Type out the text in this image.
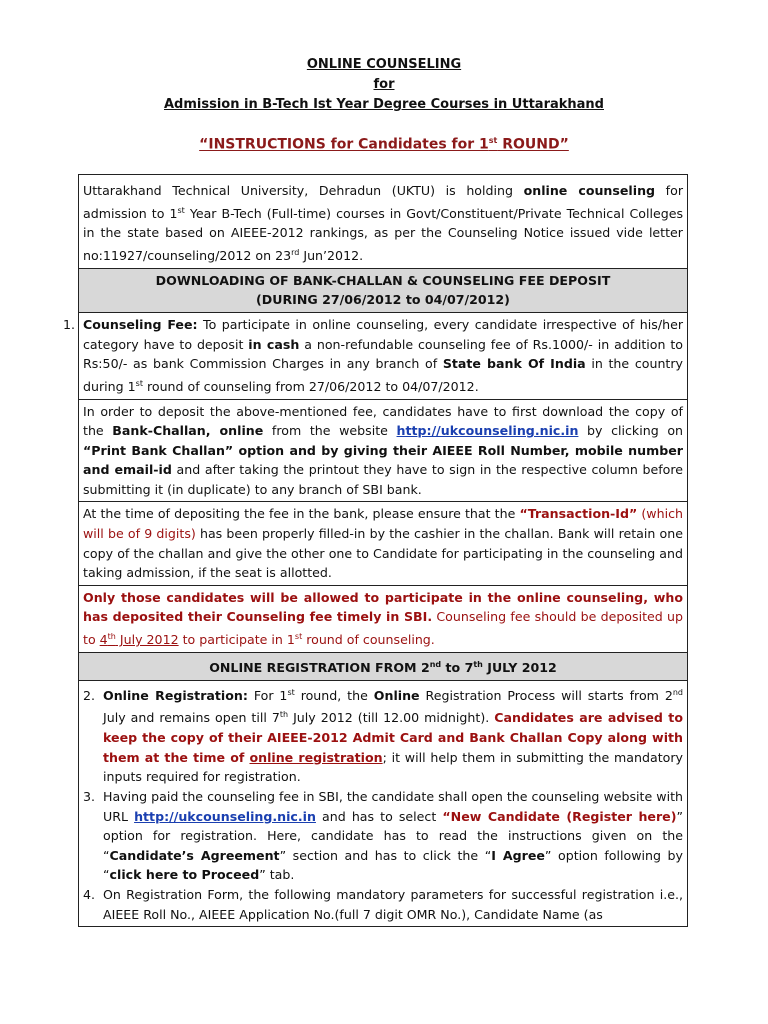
ONLINE COUNSELING
for
Admission in B-Tech Ist Year Degree Courses in Uttarakhand
“INSTRUCTIONS for Candidates for 1st ROUND”
Uttarakhand Technical University, Dehradun (UKTU) is holding online counseling for admission to 1st Year B-Tech (Full-time) courses in Govt/Constituent/Private Technical Colleges in the state based on AIEEE-2012 rankings, as per the Counseling Notice issued vide letter no:11927/counseling/2012 on 23rd Jun’2012.

DOWNLOADING OF BANK-CHALLAN & COUNSELING FEE DEPOSIT
(DURING 27/06/2012 to 04/07/2012)

1. Counseling Fee: To participate in online counseling, every candidate irrespective of his/her category have to deposit in cash a non-refundable counseling fee of Rs.1000/- in addition to Rs:50/- as bank Commission Charges in any branch of State bank Of India in the country during 1st round of counseling from 27/06/2012 to 04/07/2012.
In order to deposit the above-mentioned fee, candidates have to first download the copy of the Bank-Challan, online from the website http://ukcounseling.nic.in by clicking on “Print Bank Challan” option and by giving their AIEEE Roll Number, mobile number and email-id and after taking the printout they have to sign in the respective column before submitting it (in duplicate) to any branch of SBI bank.
At the time of depositing the fee in the bank, please ensure that the “Transaction-Id” (which will be of 9 digits) has been properly filled-in by the cashier in the challan. Bank will retain one copy of the challan and give the other one to Candidate for participating in the counseling and taking admission, if the seat is allotted.
Only those candidates will be allowed to participate in the online counseling, who has deposited their Counseling fee timely in SBI. Counseling fee should be deposited up to 4th July 2012 to participate in 1st round of counseling.
ONLINE REGISTRATION FROM 2nd to 7th JULY 2012

2. Online Registration: For 1st round, the Online Registration Process will starts from 2nd July and remains open till 7th July 2012 (till 12.00 midnight). Candidates are advised to keep the copy of their AIEEE-2012 Admit Card and Bank Challan Copy along with them at the time of online registration; it will help them in submitting the mandatory inputs required for registration.
3. Having paid the counseling fee in SBI, the candidate shall open the counseling website with URL http://ukcounseling.nic.in and has to select “New Candidate (Register here)” option for registration. Here, candidate has to read the instructions given on the “Candidate’s Agreement” section and has to click the “I Agree” option following by “click here to Proceed” tab.
4. On Registration Form, the following mandatory parameters for successful registration i.e., AIEEE Roll No., AIEEE Application No.(full 7 digit OMR No.), Candidate Name (as
